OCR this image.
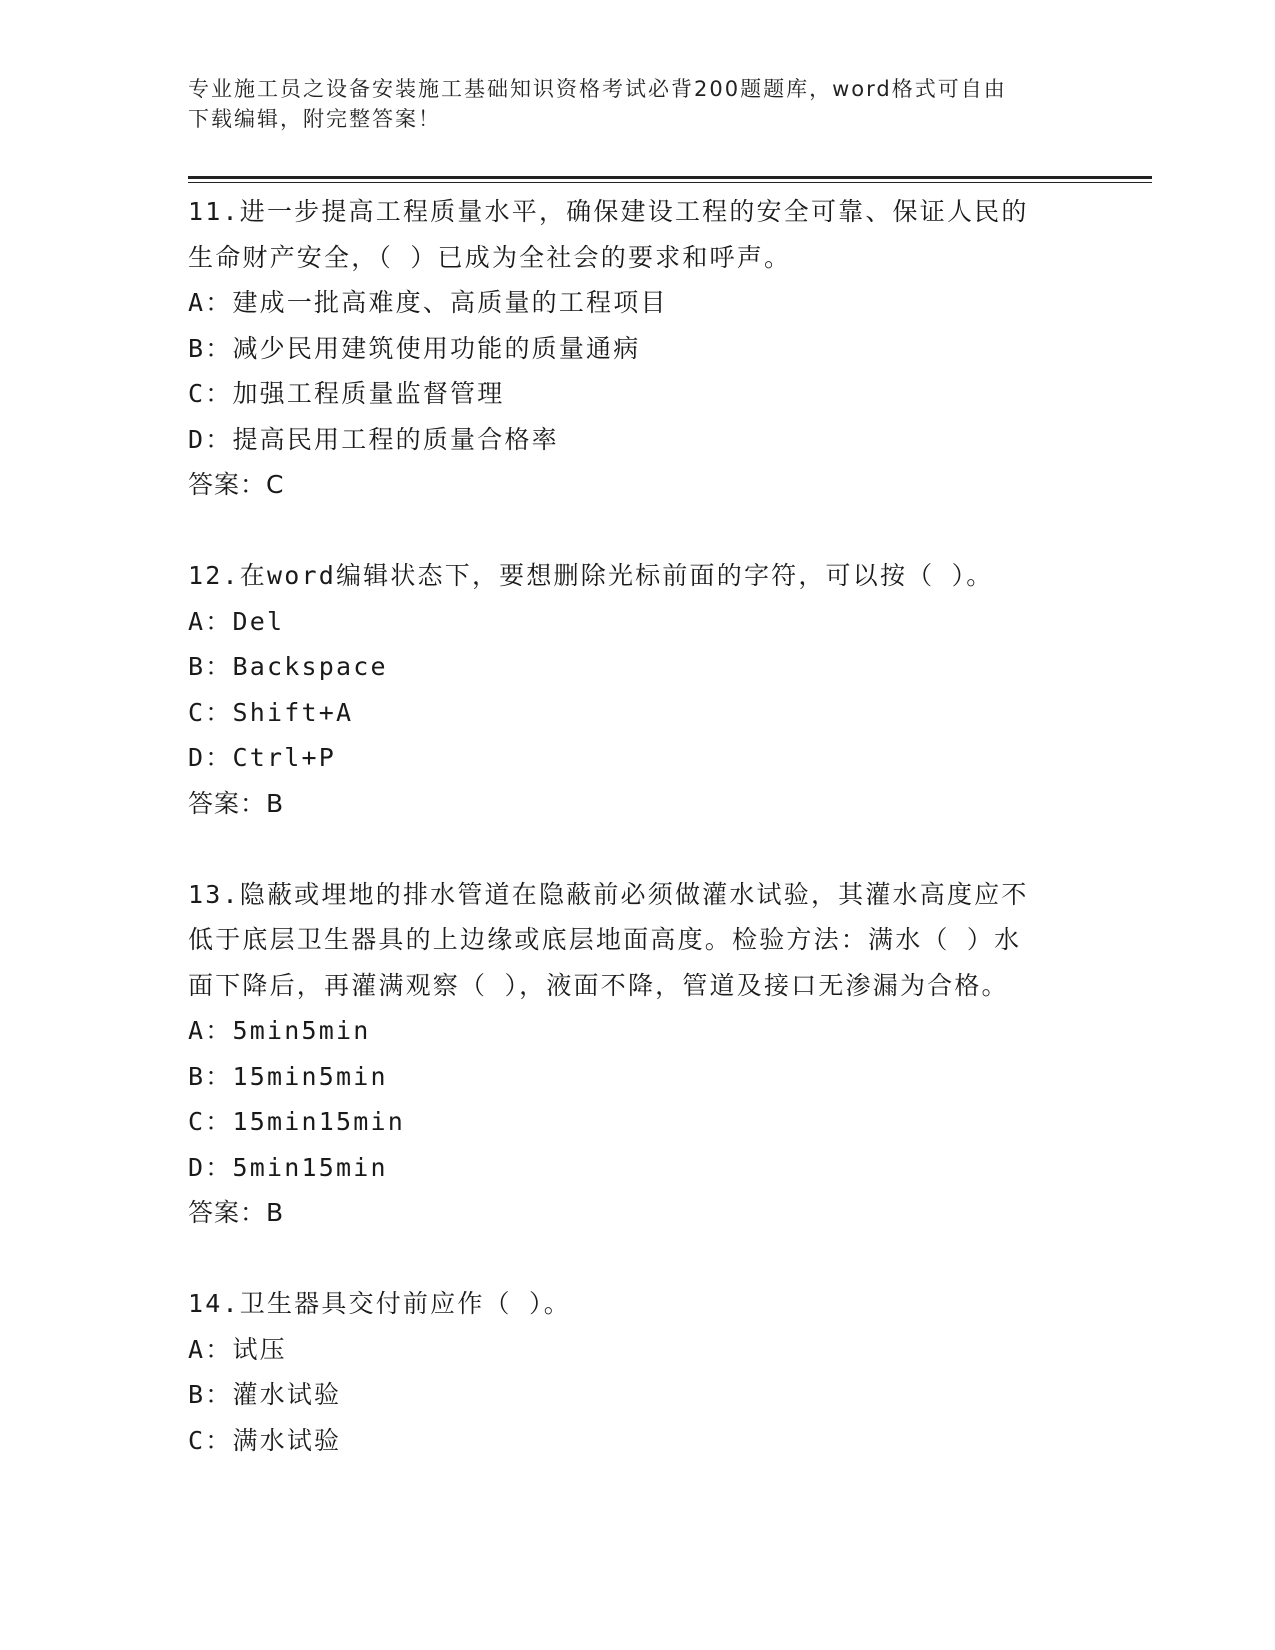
专业施工员之设备安装施工基础知识资格考试必背200题题库，word格式可自由
下载编辑，附完整答案！
11.进一步提高工程质量水平，确保建设工程的安全可靠、保证人民的
生命财产安全，（ ）已成为全社会的要求和呼声。
A：建成一批高难度、高质量的工程项目
B：减少民用建筑使用功能的质量通病
C：加强工程质量监督管理
D：提高民用工程的质量合格率
答案：C
12.在word编辑状态下，要想删除光标前面的字符，可以按（ ）。
A：Del
B：Backspace
C：Shift+A
D：Ctrl+P
答案：B
13.隐蔽或埋地的排水管道在隐蔽前必须做灌水试验，其灌水高度应不
低于底层卫生器具的上边缘或底层地面高度。检验方法：满水（ ）水
面下降后，再灌满观察（ ），液面不降，管道及接口无渗漏为合格。
A：5min5min
B：15min5min
C：15min15min
D：5min15min
答案：B
14.卫生器具交付前应作（ ）。
A：试压
B：灌水试验
C：满水试验
